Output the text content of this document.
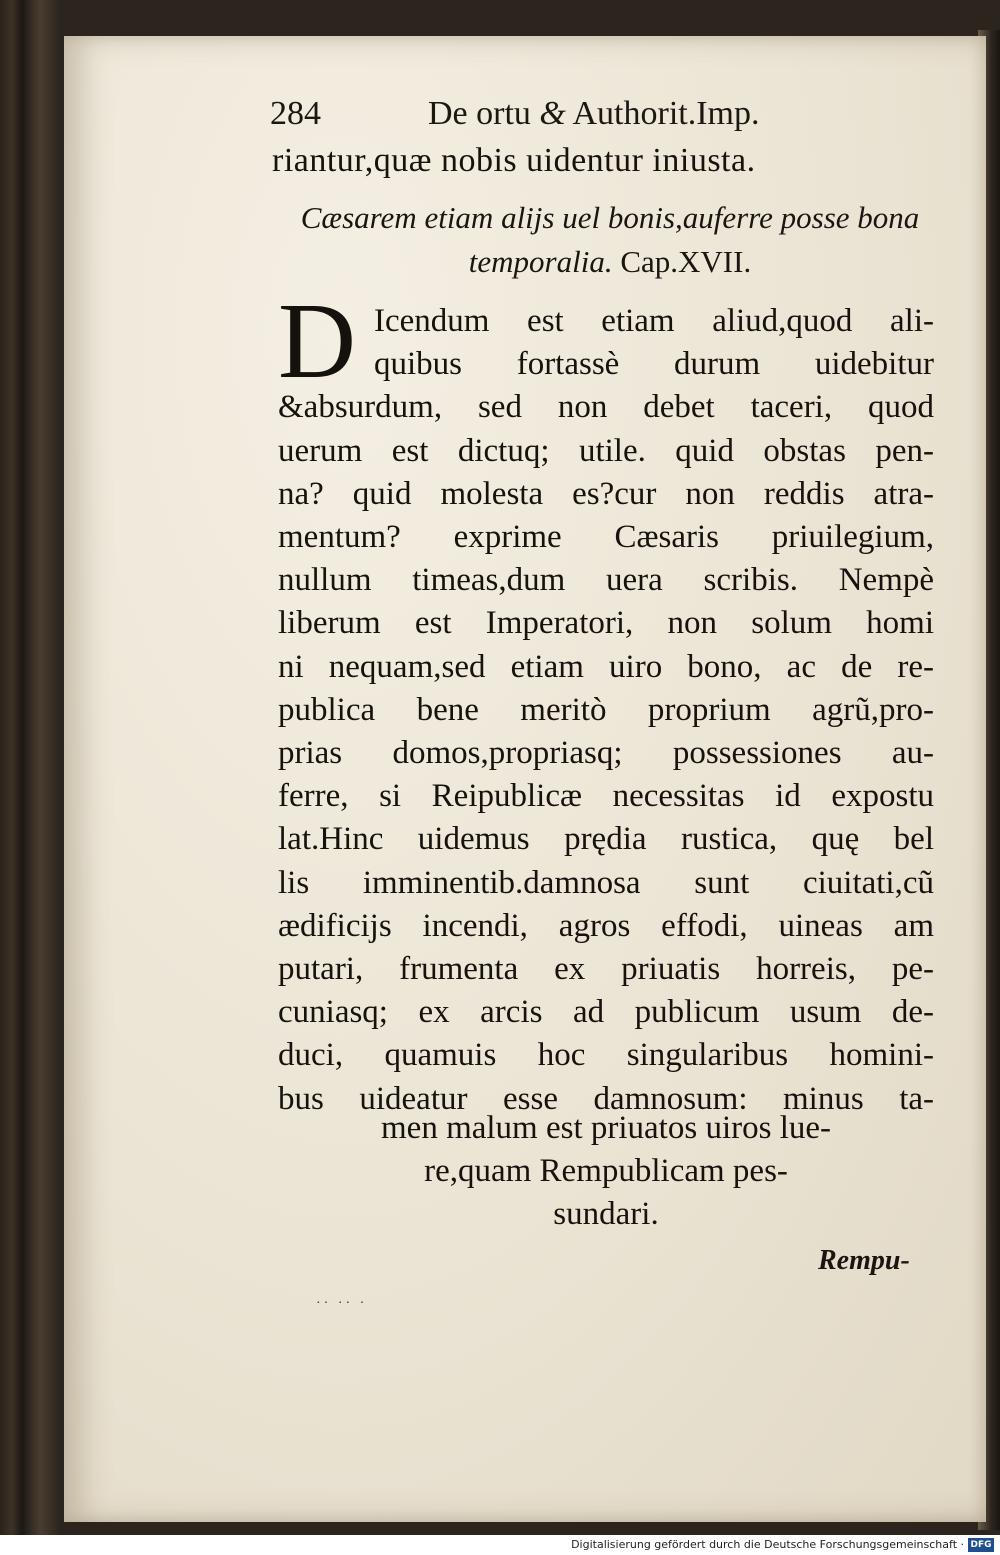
284	De ortu & Authorit.Imp.
riantur,quæ nobis uidentur iniusta.
Cæsarem etiam alijs uel bonis,auferre posse bona
temporalia. Cap.XVII.
D Icendum est etiam aliud,quod ali-
quibus fortassè durum uidebitur
&absurdum, sed non debet taceri, quod
uerum est dictuq; utile. quid obstas pen-
na? quid molesta es?cur non reddis atra-
mentum? exprime Cæsaris priuilegium,
nullum timeas,dum uera scribis. Nempè
liberum est Imperatori, non solum homi
ni nequam,sed etiam uiro bono, ac de re-
publica bene meritò proprium agrũ,pro-
prias domos,propriasq; possessiones au-
ferre, si Reipublicæ necessitas id expostu
lat.Hinc uidemus prędia rustica, quę bel
lis imminentib.damnosa sunt ciuitati,cũ
ædificijs incendi, agros effodi, uineas am
putari, frumenta ex priuatis horreis, pe-
cuniasq; ex arcis ad publicum usum de-
duci, quamuis hoc singularibus homini-
bus uideatur esse damnosum: minus ta-
men malum est priuatos uiros lue-
re,quam Rempublicam pes-
sundari.
Rempu-
·· ·· ·
Digitalisierung gefördert durch die Deutsche Forschungsgemeinschaft · DFG
